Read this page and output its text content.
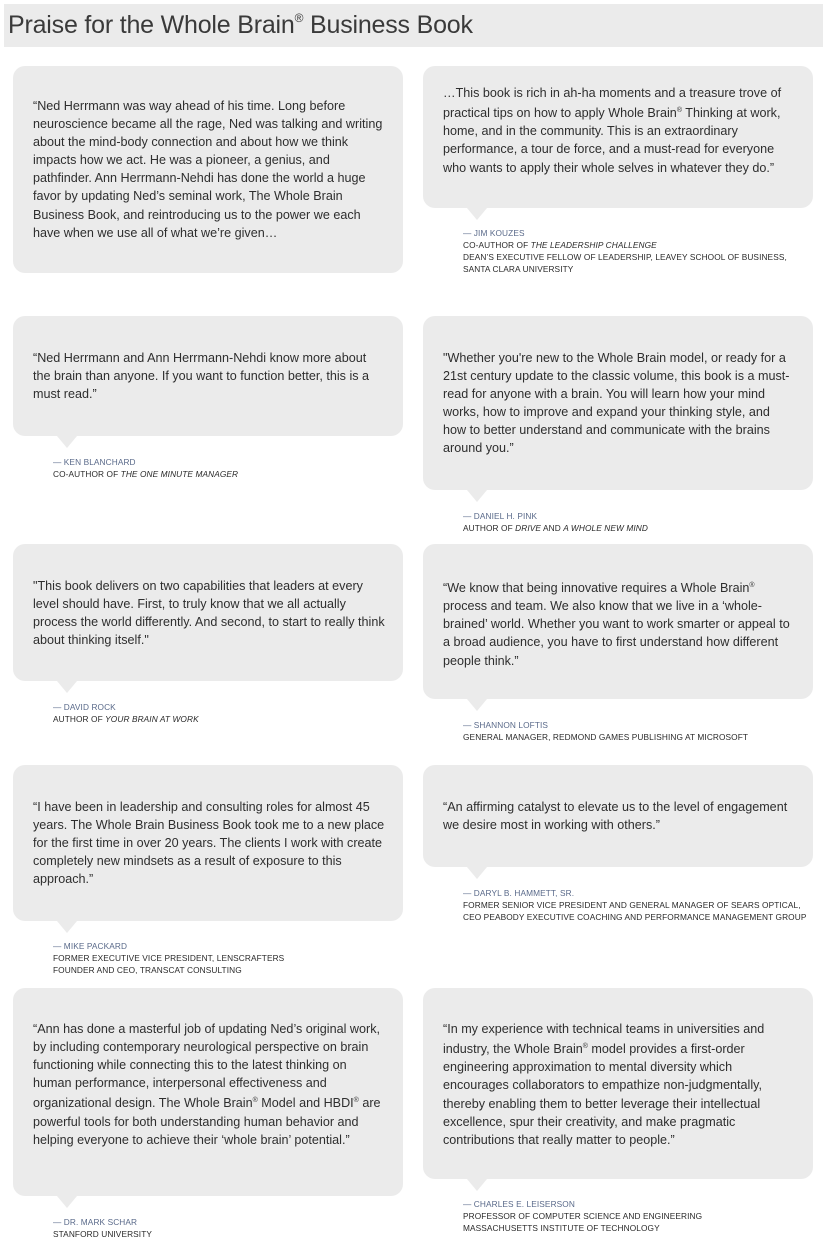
Praise for the Whole Brain® Business Book
“Ned Herrmann was way ahead of his time. Long before neuroscience became all the rage, Ned was talking and writing about the mind-body connection and about how we think impacts how we act. He was a pioneer, a genius, and pathfinder. Ann Herrmann-Nehdi has done the world a huge favor by updating Ned’s seminal work, The Whole Brain Business Book, and reintroducing us to the power we each have when we use all of what we’re given…
…This book is rich in ah-ha moments and a treasure trove of practical tips on how to apply Whole Brain® Thinking at work, home, and in the community. This is an extraordinary performance, a tour de force, and a must-read for everyone who wants to apply their whole selves in whatever they do.”
— JIM KOUZES
CO-AUTHOR OF THE LEADERSHIP CHALLENGE
DEAN’S EXECUTIVE FELLOW OF LEADERSHIP, LEAVEY SCHOOL OF BUSINESS, SANTA CLARA UNIVERSITY
“Ned Herrmann and Ann Herrmann-Nehdi know more about the brain than anyone. If you want to function better, this is a must read.”
— KEN BLANCHARD
CO-AUTHOR OF THE ONE MINUTE MANAGER
"Whether you're new to the Whole Brain model, or ready for a 21st century update to the classic volume, this book is a must-read for anyone with a brain. You will learn how your mind works, how to improve and expand your thinking style, and how to better understand and communicate with the brains around you.”
— DANIEL H. PINK
AUTHOR OF DRIVE AND A WHOLE NEW MIND
"This book delivers on two capabilities that leaders at every level should have. First, to truly know that we all actually process the world differently. And second, to start to really think about thinking itself."
— DAVID ROCK
AUTHOR OF YOUR BRAIN AT WORK
“We know that being innovative requires a Whole Brain® process and team. We also know that we live in a ‘whole-brained’ world. Whether you want to work smarter or appeal to a broad audience, you have to first understand how different people think.”
— SHANNON LOFTIS
GENERAL MANAGER, REDMOND GAMES PUBLISHING AT MICROSOFT
“I have been in leadership and consulting roles for almost 45 years. The Whole Brain Business Book took me to a new place for the first time in over 20 years. The clients I work with create completely new mindsets as a result of exposure to this approach.”
— MIKE PACKARD
FORMER EXECUTIVE VICE PRESIDENT, LENSCRAFTERS
FOUNDER AND CEO, TRANSCAT CONSULTING
“An affirming catalyst to elevate us to the level of engagement we desire most in working with others.”
— DARYL B. HAMMETT, SR.
FORMER SENIOR VICE PRESIDENT AND GENERAL MANAGER OF SEARS OPTICAL,
CEO PEABODY EXECUTIVE COACHING AND PERFORMANCE MANAGEMENT GROUP
“Ann has done a masterful job of updating Ned’s original work, by including contemporary neurological perspective on brain functioning while connecting this to the latest thinking on human performance, interpersonal effectiveness and organizational design. The Whole Brain® Model and HBDI® are powerful tools for both understanding human behavior and helping everyone to achieve their ‘whole brain’ potential.”
— DR. MARK SCHAR
STANFORD UNIVERSITY
“In my experience with technical teams in universities and industry, the Whole Brain® model provides a first-order engineering approximation to mental diversity which encourages collaborators to empathize non-judgmentally, thereby enabling them to better leverage their intellectual excellence, spur their creativity, and make pragmatic contributions that really matter to people.”
— CHARLES E. LEISERSON
PROFESSOR OF COMPUTER SCIENCE AND ENGINEERING
MASSACHUSETTS INSTITUTE OF TECHNOLOGY
